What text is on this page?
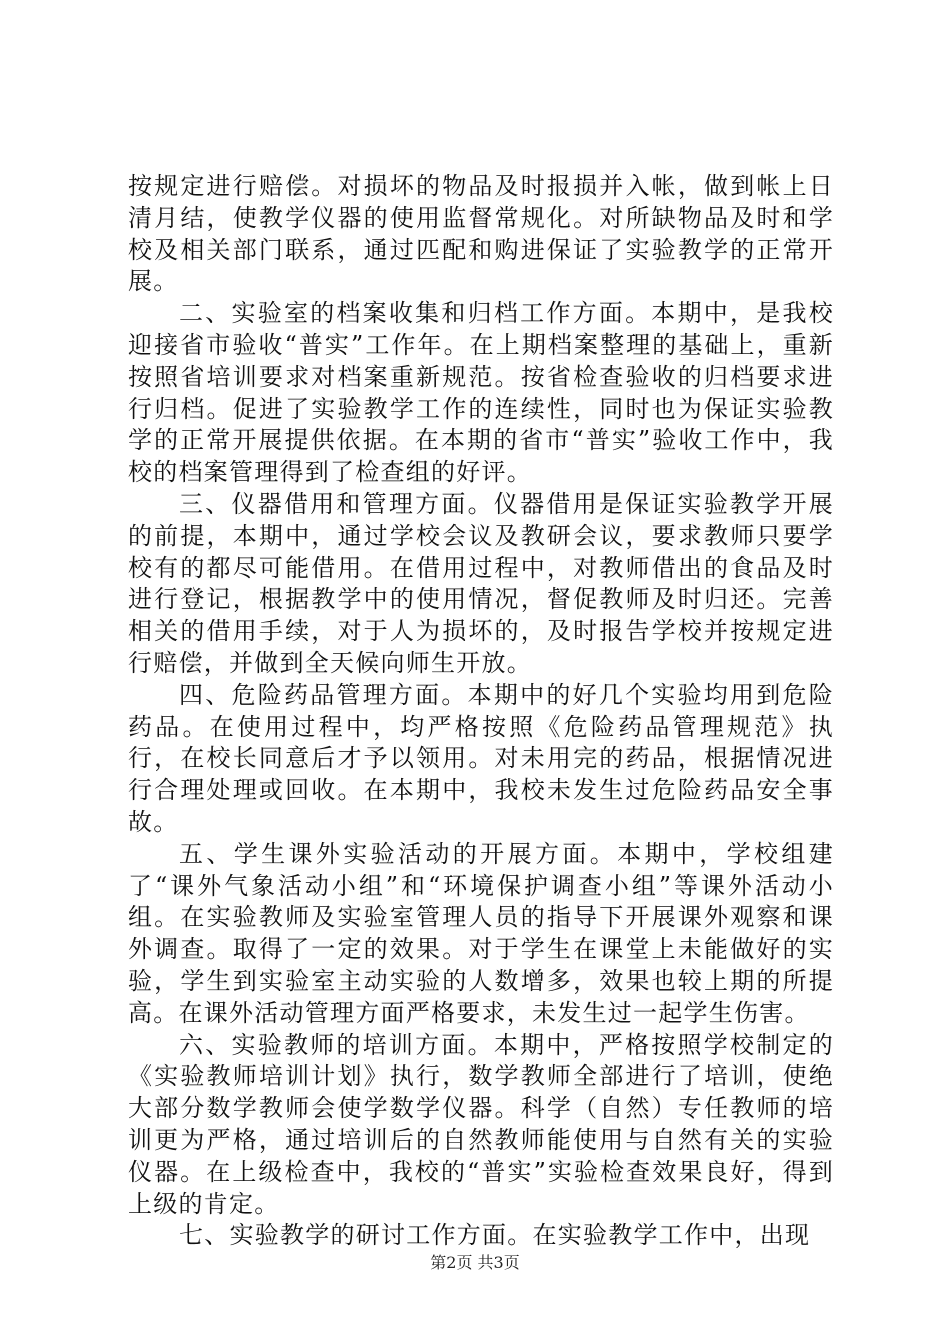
按规定进行赔偿。对损坏的物品及时报损并入帐，做到帐上日清月结，使教学仪器的使用监督常规化。对所缺物品及时和学校及相关部门联系，通过匹配和购进保证了实验教学的正常开展。

二、实验室的档案收集和归档工作方面。本期中，是我校迎接省市验收“普实”工作年。在上期档案整理的基础上，重新按照省培训要求对档案重新规范。按省检查验收的归档要求进行归档。促进了实验教学工作的连续性，同时也为保证实验教学的正常开展提供依据。在本期的省市“普实”验收工作中，我校的档案管理得到了检查组的好评。

三、仪器借用和管理方面。仪器借用是保证实验教学开展的前提，本期中，通过学校会议及教研会议，要求教师只要学校有的都尽可能借用。在借用过程中，对教师借出的食品及时进行登记，根据教学中的使用情况，督促教师及时归还。完善相关的借用手续，对于人为损坏的，及时报告学校并按规定进行赔偿，并做到全天候向师生开放。

四、危险药品管理方面。本期中的好几个实验均用到危险药品。在使用过程中，均严格按照《危险药品管理规范》执行，在校长同意后才予以领用。对未用完的药品，根据情况进行合理处理或回收。在本期中，我校未发生过危险药品安全事故。

五、学生课外实验活动的开展方面。本期中，学校组建了“课外气象活动小组”和“环境保护调查小组”等课外活动小组。在实验教师及实验室管理人员的指导下开展课外观察和课外调查。取得了一定的效果。对于学生在课堂上未能做好的实验，学生到实验室主动实验的人数增多，效果也较上期的所提高。在课外活动管理方面严格要求，未发生过一起学生伤害。

六、实验教师的培训方面。本期中，严格按照学校制定的《实验教师培训计划》执行，数学教师全部进行了培训，使绝大部分数学教师会使学数学仪器。科学（自然）专任教师的培训更为严格，通过培训后的自然教师能使用与自然有关的实验仪器。在上级检查中，我校的“普实”实验检查效果良好，得到上级的肯定。

七、实验教学的研讨工作方面。在实验教学工作中，出现

第2页 共3页
